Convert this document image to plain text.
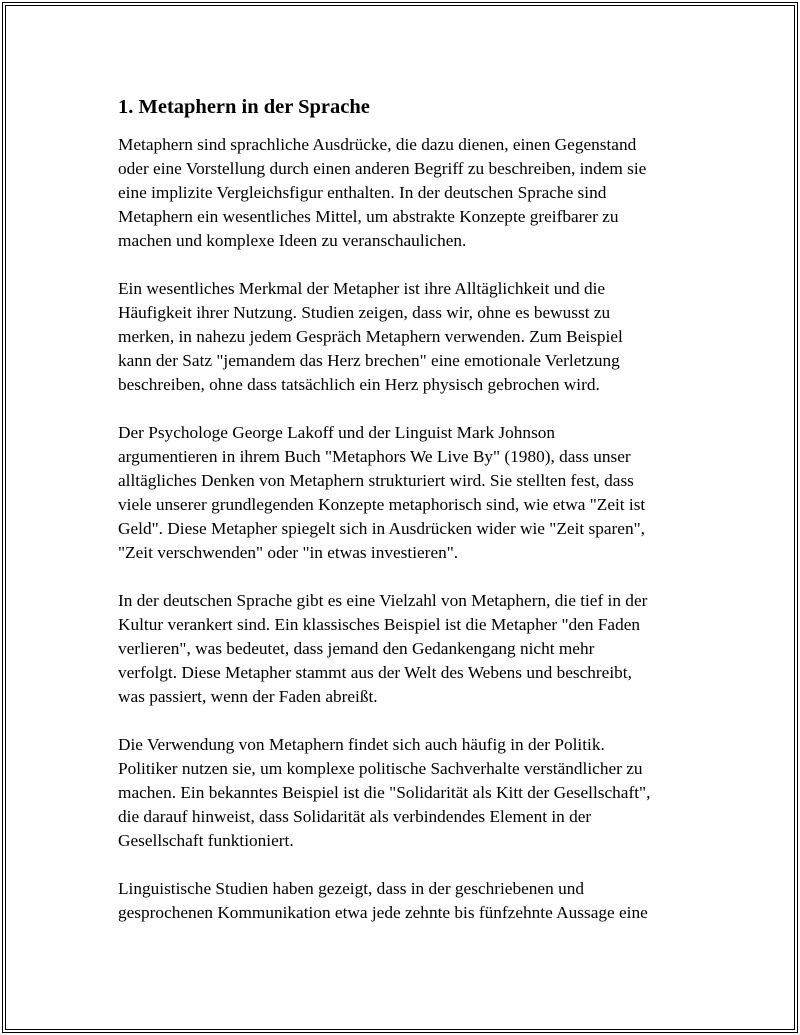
1. Metaphern in der Sprache

Metaphern sind sprachliche Ausdrücke, die dazu dienen, einen Gegenstand
oder eine Vorstellung durch einen anderen Begriff zu beschreiben, indem sie
eine implizite Vergleichsfigur enthalten. In der deutschen Sprache sind
Metaphern ein wesentliches Mittel, um abstrakte Konzepte greifbarer zu
machen und komplexe Ideen zu veranschaulichen.

Ein wesentliches Merkmal der Metapher ist ihre Alltäglichkeit und die
Häufigkeit ihrer Nutzung. Studien zeigen, dass wir, ohne es bewusst zu
merken, in nahezu jedem Gespräch Metaphern verwenden. Zum Beispiel
kann der Satz "jemandem das Herz brechen" eine emotionale Verletzung
beschreiben, ohne dass tatsächlich ein Herz physisch gebrochen wird.

Der Psychologe George Lakoff und der Linguist Mark Johnson
argumentieren in ihrem Buch "Metaphors We Live By" (1980), dass unser
alltägliches Denken von Metaphern strukturiert wird. Sie stellten fest, dass
viele unserer grundlegenden Konzepte metaphorisch sind, wie etwa "Zeit ist
Geld". Diese Metapher spiegelt sich in Ausdrücken wider wie "Zeit sparen",
"Zeit verschwenden" oder "in etwas investieren".

In der deutschen Sprache gibt es eine Vielzahl von Metaphern, die tief in der
Kultur verankert sind. Ein klassisches Beispiel ist die Metapher "den Faden
verlieren", was bedeutet, dass jemand den Gedankengang nicht mehr
verfolgt. Diese Metapher stammt aus der Welt des Webens und beschreibt,
was passiert, wenn der Faden abreißt.

Die Verwendung von Metaphern findet sich auch häufig in der Politik.
Politiker nutzen sie, um komplexe politische Sachverhalte verständlicher zu
machen. Ein bekanntes Beispiel ist die "Solidarität als Kitt der Gesellschaft",
die darauf hinweist, dass Solidarität als verbindendes Element in der
Gesellschaft funktioniert.

Linguistische Studien haben gezeigt, dass in der geschriebenen und
gesprochenen Kommunikation etwa jede zehnte bis fünfzehnte Aussage eine
